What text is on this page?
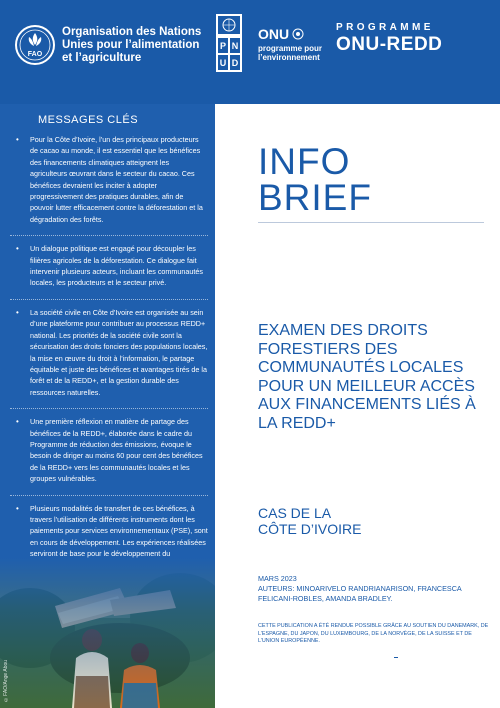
FAO
Organisation des Nations Unies pour l’alimentation et l’agriculture
P N
U D
ONU
programme pour l’environnement
PROGRAMME
ONU-REDD
MESSAGES CLÉS
• Pour la Côte d’Ivoire, l’un des principaux producteurs de cacao au monde, il est essentiel que les bénéfices des financements climatiques atteignent les agriculteurs œuvrant dans le secteur du cacao. Ces bénéfices devraient les inciter à adopter progressivement des pratiques durables, afin de pouvoir lutter efficacement contre la déforestation et la dégradation des forêts.
• Un dialogue politique est engagé pour découpler les filières agricoles de la déforestation. Ce dialogue fait intervenir plusieurs acteurs, incluant les communautés locales, les producteurs et le secteur privé.
• La société civile en Côte d’Ivoire est organisée au sein d’une plateforme pour contribuer au processus REDD+ national. Les priorités de la société civile sont la sécurisation des droits fonciers des populations locales, la mise en œuvre du droit à l’information, le partage équitable et juste des bénéfices et avantages tirés de la forêt et de la REDD+, et la gestion durable des ressources naturelles.
• Une première réflexion en matière de partage des bénéfices de la REDD+, élaborée dans le cadre du Programme de réduction des émissions, évoque le besoin de diriger au moins 60 pour cent des bénéfices de la REDD+ vers les communautés locales et les groupes vulnérables.
• Plusieurs modalités de transfert de ces bénéfices, à travers l’utilisation de différents instruments dont les paiements pour services environnementaux (PSE), sont en cours de développement. Les expériences réalisées serviront de base pour le développement du
©FAO/Ange Abou
INFO
BRIEF
EXAMEN DES DROITS FORESTIERS DES COMMUNAUTÉS LOCALES POUR UN MEILLEUR ACCÈS AUX FINANCEMENTS LIÉS À LA REDD+
CAS DE LA
CÔTE D’IVOIRE
MARS 2023
AUTEURS: MINOARIVELO RANDRIANARISON, FRANCESCA FELICANI-ROBLES, AMANDA BRADLEY.
CETTE PUBLICATION A ÉTÉ RENDUE POSSIBLE GRÂCE AU SOUTIEN DU DANEMARK, DE L’ESPAGNE, DU JAPON, DU LUXEMBOURG, DE LA NORVÈGE, DE LA SUISSE ET DE L’UNION EUROPÉENNE.
